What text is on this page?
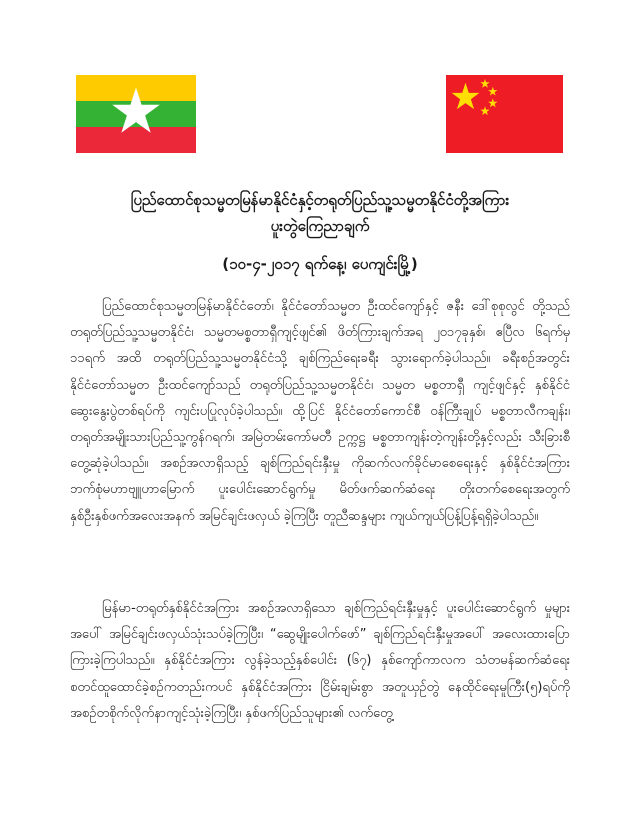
ပြည်ထောင်စုသမ္မတမြန်မာနိုင်ငံနှင့်တရုတ်ပြည်သူ့သမ္မတနိုင်ငံတို့အကြား
ပူးတွဲကြေညာချက်
(၁၀-၄-၂၀၁၇ ရက်နေ့၊ ပေကျင်းမြို့)

ပြည်ထောင်စုသမ္မတမြန်မာနိုင်ငံတော်၊ နိုင်ငံတော်သမ္မတ ဦးထင်ကျော်နှင့် ဇနီး ဒေါ်စုစုလွင် တို့သည် တရုတ်ပြည်သူ့သမ္မတနိုင်ငံ၊ သမ္မတမစ္စတာရှီကျင့်ဖျင်၏ ဖိတ်ကြားချက်အရ ၂၀၁၇ခုနှစ်၊ ဧပြီလ ၆ရက်မှ ၁၁ရက် အထိ တရုတ်ပြည်သူ့သမ္မတနိုင်ငံသို့ ချစ်ကြည်ရေးခရီး သွားရောက်ခဲ့ပါသည်။ ခရီးစဉ်အတွင်း နိုင်ငံတော်သမ္မတ ဦးထင်ကျော်သည် တရုတ်ပြည်သူ့သမ္မတနိုင်ငံ၊ သမ္မတ မစ္စတာရှီ ကျင့်ဖျင်နှင့် နှစ်နိုင်ငံဆွေးနွေးပွဲတစ်ရပ်ကို ကျင်းပပြုလုပ်ခဲ့ပါသည်။ ထို့ပြင် နိုင်ငံတော်ကောင်စီ ဝန်ကြီးချုပ် မစ္စတာလီကချန်း၊ တရုတ်အမျိုးသားပြည်သူ့ကွန်ဂရက်၊ အမြဲတမ်းကော်မတီ ဥက္ကဋ္ဌ မစ္စတာကျန်းတဲ့ကျန်းတို့နှင့်လည်း သီးခြားစီ တွေ့ဆုံခဲ့ပါသည်။ အစဉ်အလာရှိသည့် ချစ်ကြည်ရင်းနှီးမှု ကိုဆက်လက်ခိုင်မာစေရေးနှင့် နှစ်နိုင်ငံအကြား ဘက်စုံမဟာဗျူဟာမြောက် ပူးပေါင်းဆောင်ရွက်မှု မိတ်ဖက်ဆက်ဆံရေး တိုးတက်စေရေးအတွက် နှစ်ဦးနှစ်ဖက်အလေးအနက် အမြင်ချင်းဖလှယ် ခဲ့ကြပြီး တူညီဆန္ဒများ ကျယ်ကျယ်ပြန့်ပြန့်ရရှိခဲ့ပါသည်။

မြန်မာ-တရုတ်နှစ်နိုင်ငံအကြား အစဉ်အလာရှိသော ချစ်ကြည်ရင်းနှီးမှုနှင့် ပူးပေါင်းဆောင်ရွက် မှုများအပေါ် အမြင်ချင်းဖလှယ်သုံးသပ်ခဲ့ကြပြီး၊ “ဆွေမျိုးပေါက်ဖော်” ချစ်ကြည်ရင်းနှီးမှုအပေါ် အလေးထားပြောကြားခဲ့ကြပါသည်။ နှစ်နိုင်ငံအကြား လွန်ခဲ့သည့်နှစ်ပေါင်း (၆၇) နှစ်ကျော်ကာလက သံတမန်ဆက်ဆံရေး စတင်ထူထောင်ခဲ့စဉ်ကတည်းကပင် နှစ်နိုင်ငံအကြား ငြိမ်းချမ်းစွာ အတူယှဉ်တွဲ နေထိုင်ရေးမူကြီး(၅)ရပ်ကို အစဉ်တစိုက်လိုက်နာကျင့်သုံးခဲ့ကြပြီး၊ နှစ်ဖက်ပြည်သူများ၏ လက်တွေ့
